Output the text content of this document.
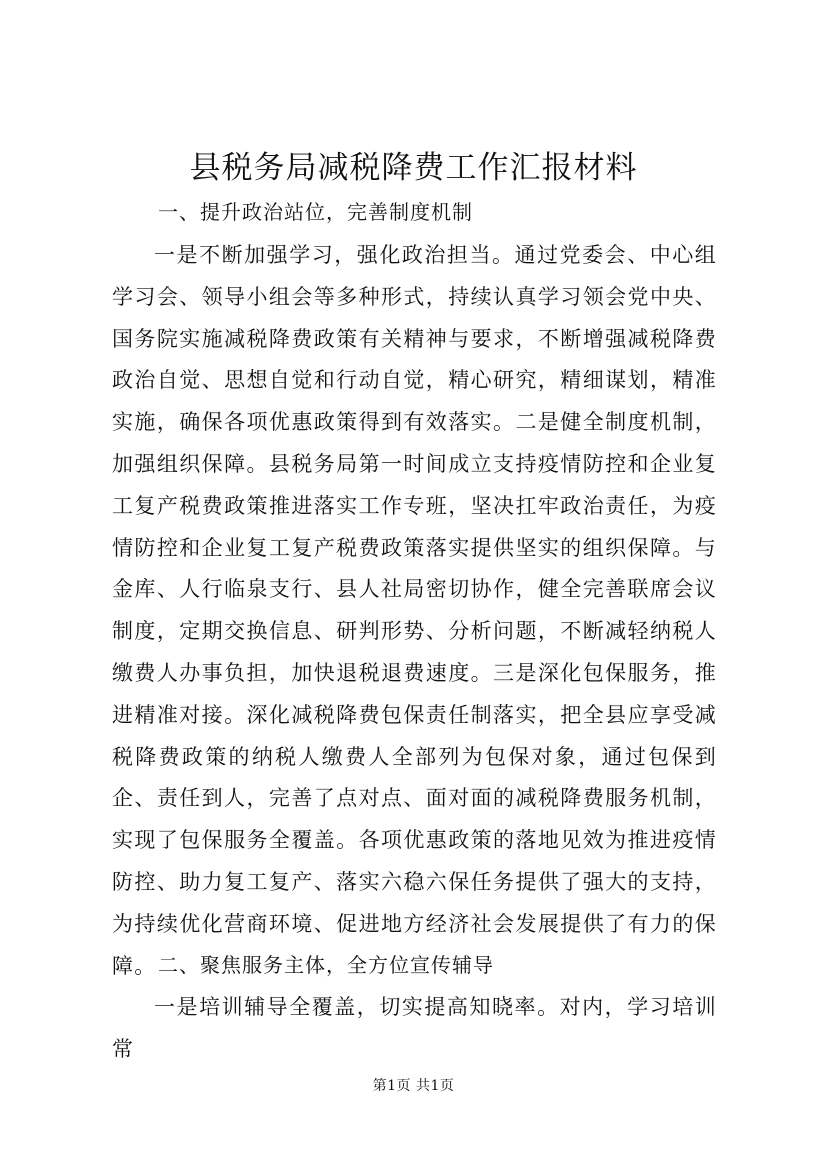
县税务局减税降费工作汇报材料

一、提升政治站位，完善制度机制

一是不断加强学习，强化政治担当。通过党委会、中心组学习会、领导小组会等多种形式，持续认真学习领会党中央、国务院实施减税降费政策有关精神与要求，不断增强减税降费政治自觉、思想自觉和行动自觉，精心研究，精细谋划，精准实施，确保各项优惠政策得到有效落实。二是健全制度机制，加强组织保障。县税务局第一时间成立支持疫情防控和企业复工复产税费政策推进落实工作专班，坚决扛牢政治责任，为疫情防控和企业复工复产税费政策落实提供坚实的组织保障。与金库、人行临泉支行、县人社局密切协作，健全完善联席会议制度，定期交换信息、研判形势、分析问题，不断减轻纳税人缴费人办事负担，加快退税退费速度。三是深化包保服务，推进精准对接。深化减税降费包保责任制落实，把全县应享受减税降费政策的纳税人缴费人全部列为包保对象，通过包保到企、责任到人，完善了点对点、面对面的减税降费服务机制，实现了包保服务全覆盖。各项优惠政策的落地见效为推进疫情防控、助力复工复产、落实六稳六保任务提供了强大的支持，为持续优化营商环境、促进地方经济社会发展提供了有力的保障。 二、聚焦服务主体，全方位宣传辅导

一是培训辅导全覆盖，切实提高知晓率。对内，学习培训常

第1页 共1页
